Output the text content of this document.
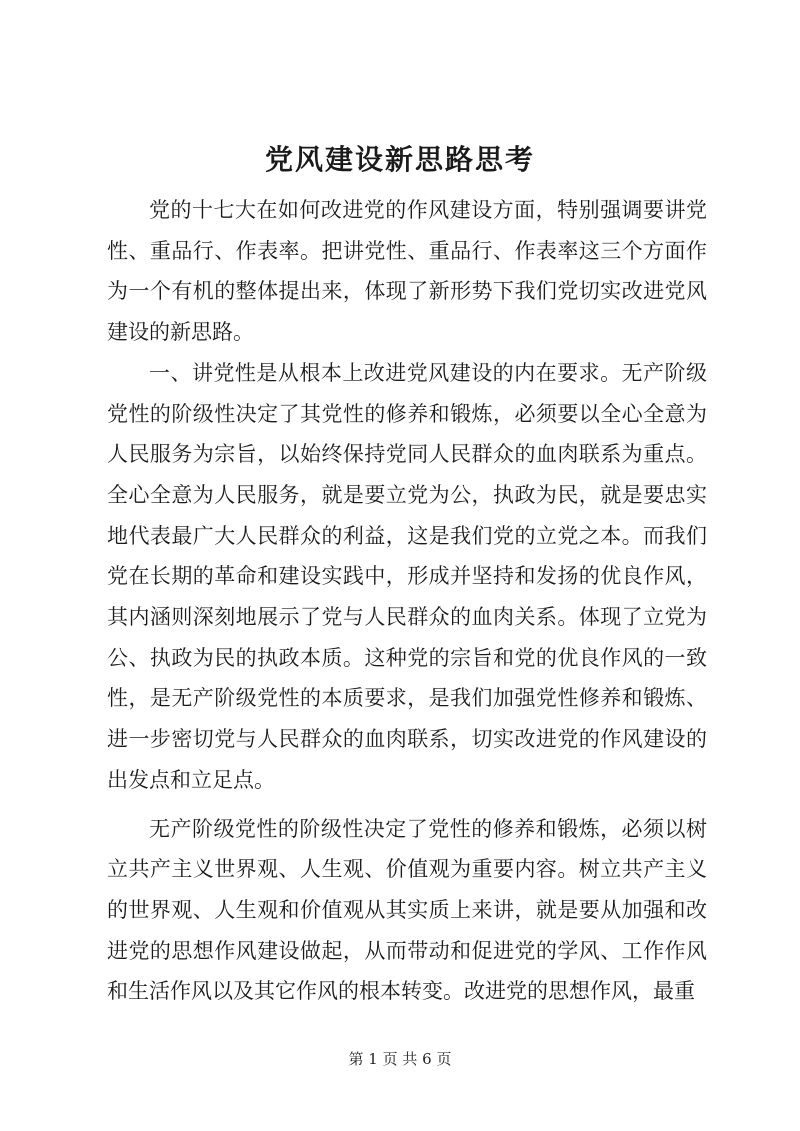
党风建设新思路思考

党的十七大在如何改进党的作风建设方面，特别强调要讲党性、重品行、作表率。把讲党性、重品行、作表率这三个方面作为一个有机的整体提出来，体现了新形势下我们党切实改进党风建设的新思路。

一、讲党性是从根本上改进党风建设的内在要求。无产阶级党性的阶级性决定了其党性的修养和锻炼，必须要以全心全意为人民服务为宗旨，以始终保持党同人民群众的血肉联系为重点。全心全意为人民服务，就是要立党为公，执政为民，就是要忠实地代表最广大人民群众的利益，这是我们党的立党之本。而我们党在长期的革命和建设实践中，形成并坚持和发扬的优良作风，其内涵则深刻地展示了党与人民群众的血肉关系。体现了立党为公、执政为民的执政本质。这种党的宗旨和党的优良作风的一致性，是无产阶级党性的本质要求，是我们加强党性修养和锻炼、进一步密切党与人民群众的血肉联系，切实改进党的作风建设的出发点和立足点。

无产阶级党性的阶级性决定了党性的修养和锻炼，必须以树立共产主义世界观、人生观、价值观为重要内容。树立共产主义的世界观、人生观和价值观从其实质上来讲，就是要从加强和改进党的思想作风建设做起，从而带动和促进党的学风、工作作风和生活作风以及其它作风的根本转变。改进党的思想作风，最重

第 1 页 共 6 页
